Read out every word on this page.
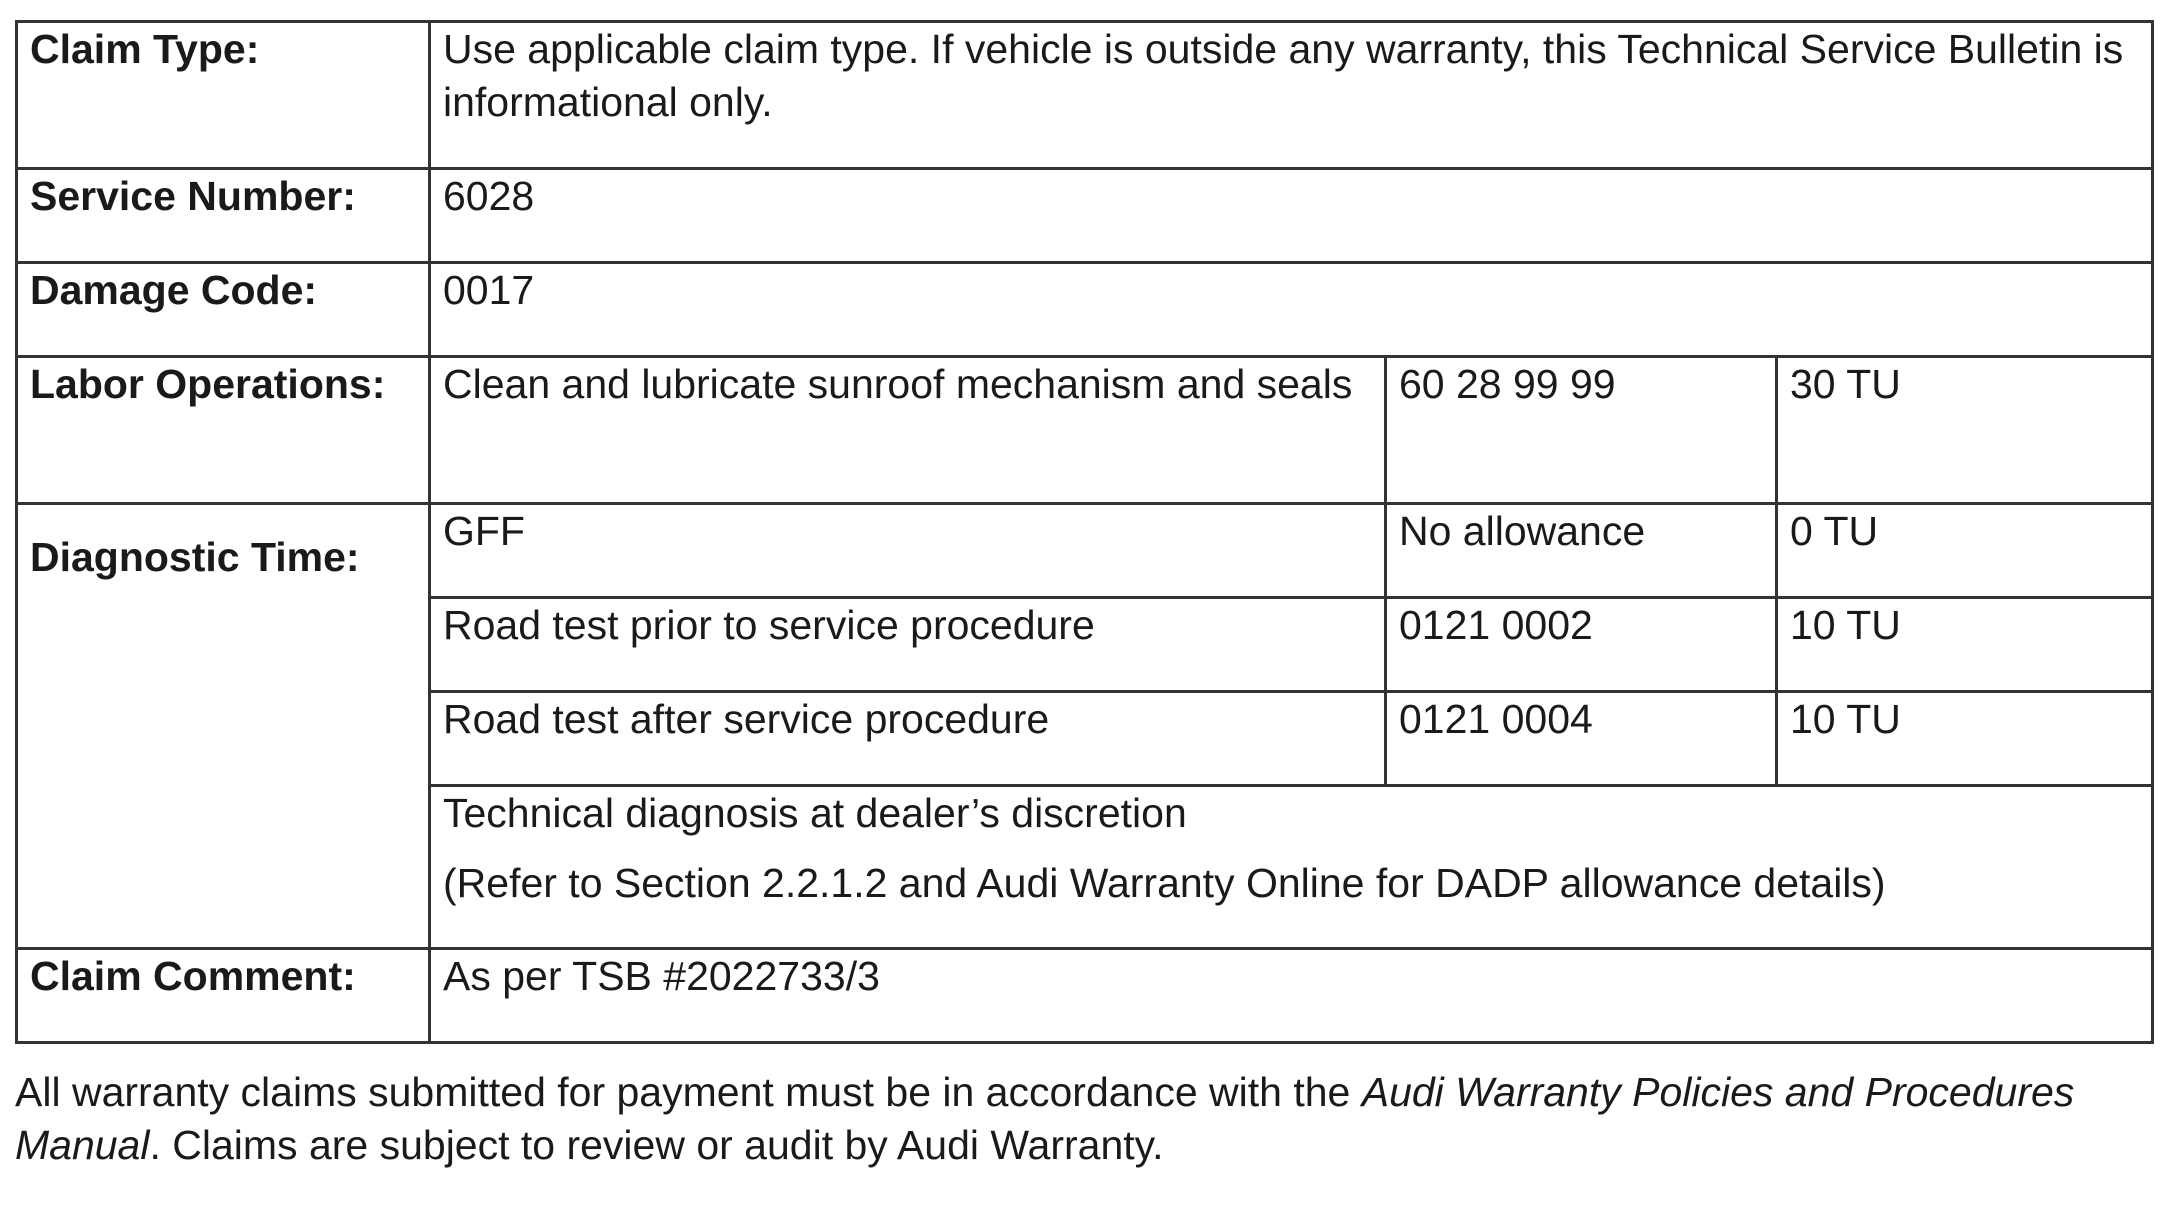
Claim Type:	Use applicable claim type. If vehicle is outside any warranty, this Technical Service Bulletin is informational only.		
Service Number:	6028		
Damage Code:	0017		
Labor Operations:	Clean and lubricate sunroof mechanism and seals	60 28 99 99	30 TU
Diagnostic Time:	GFF	No allowance	0 TU
	Road test prior to service procedure	0121 0002	10 TU
	Road test after service procedure	0121 0004	10 TU

	Technical diagnosis at dealer’s discretion
(Refer to Section 2.2.1.2 and Audi Warranty Online for DADP allowance details)		

Claim Comment:	As per TSB #2022733/3		
All warranty claims submitted for payment must be in accordance with the Audi Warranty Policies and Procedures Manual. Claims are subject to review or audit by Audi Warranty.
